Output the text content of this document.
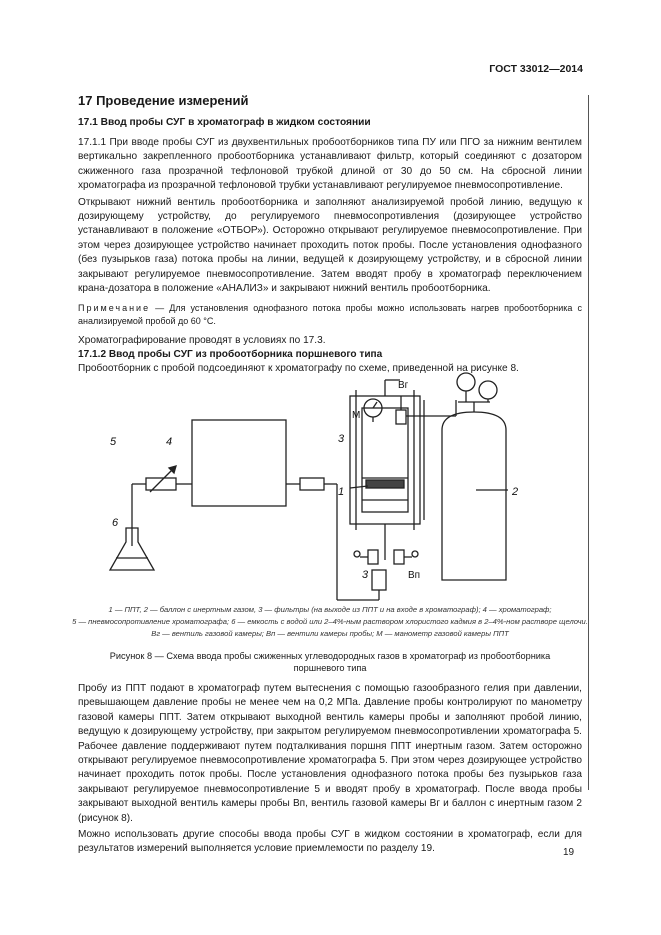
ГОСТ 33012—2014
17 Проведение измерений
17.1 Ввод пробы СУГ в хроматограф в жидком состоянии

17.1.1 При вводе пробы СУГ из двухвентильных пробоотборников типа ПУ или ПГО за нижним вентилем вертикально закрепленного пробоотборника устанавливают фильтр, который соединяют с дозатором сжиженного газа прозрачной тефлоновой трубкой длиной от 30 до 50 см. На сбросной линии хроматографа из прозрачной тефлоновой трубки устанавливают регулируемое пневмосопротивление.

Открывают нижний вентиль пробоотборника и заполняют анализируемой пробой линию, ведущую к дозирующему устройству, до регулируемого пневмосопротивления (дозирующее устройство устанавливают в положение «ОТБОР»). Осторожно открывают регулируемое пневмосопротивление. При этом через дозирующее устройство начинает проходить поток пробы. После установления однофазного (без пузырьков газа) потока пробы на линии, ведущей к дозирующему устройству, и в сбросной линии закрывают регулируемое пневмосопротивление. Затем вводят пробу в хроматограф переключением крана-дозатора в положение «АНАЛИЗ» и закрывают нижний вентиль пробоотборника.

Примечание — Для установления однофазного потока пробы можно использовать нагрев пробоотборника с анализируемой пробой до 60 °С.

Хроматографирование проводят в условиях по 17.3.

17.1.2 Ввод пробы СУГ из пробоотборника поршневого типа

Пробоотборник с пробой подсоединяют к хроматографу по схеме, приведенной на рисунке 8.

5	4	3
1	2
6
3
Вг
М
Вп
1 — ППТ, 2 — баллон с инертным газом, 3 — фильтры (на выходе из ППТ и на входе в хроматограф); 4 — хроматограф;
5 — пневмосопротивление хроматографа; 6 — емкость с водой или 2–4%-ным раствором хлористого кадмия в 2–4%-ном растворе щелочи. Вг — вентиль газовой камеры; Вп — вентили камеры пробы; М — манометр газовой камеры ППТ
Рисунок 8 — Схема ввода пробы сжиженных углеводородных газов в хроматограф из пробоотборника
поршневого типа

Пробу из ППТ подают в хроматограф путем вытеснения с помощью газообразного гелия при давлении, превышающем давление пробы не менее чем на 0,2 МПа. Давление пробы контролируют по манометру газовой камеры ППТ. Затем открывают выходной вентиль камеры пробы и заполняют пробой линию, ведущую к дозирующему устройству, при закрытом регулируемом пневмосопротивлении хроматографа 5. Рабочее давление поддерживают путем подталкивания поршня ППТ инертным газом. Затем осторожно открывают регулируемое пневмосопротивление хроматографа 5. При этом через дозирующее устройство начинает проходить поток пробы. После установления однофазного потока пробы без пузырьков газа закрывают регулируемое пневмосопротивление 5 и вводят пробу в хроматограф. После ввода пробы закрывают выходной вентиль камеры пробы Вп, вентиль газовой камеры Вг и баллон с инертным газом 2 (рисунок 8).

Можно использовать другие способы ввода пробы СУГ в жидком состоянии в хроматограф, если для результатов измерений выполняется условие приемлемости по разделу 19.	19
